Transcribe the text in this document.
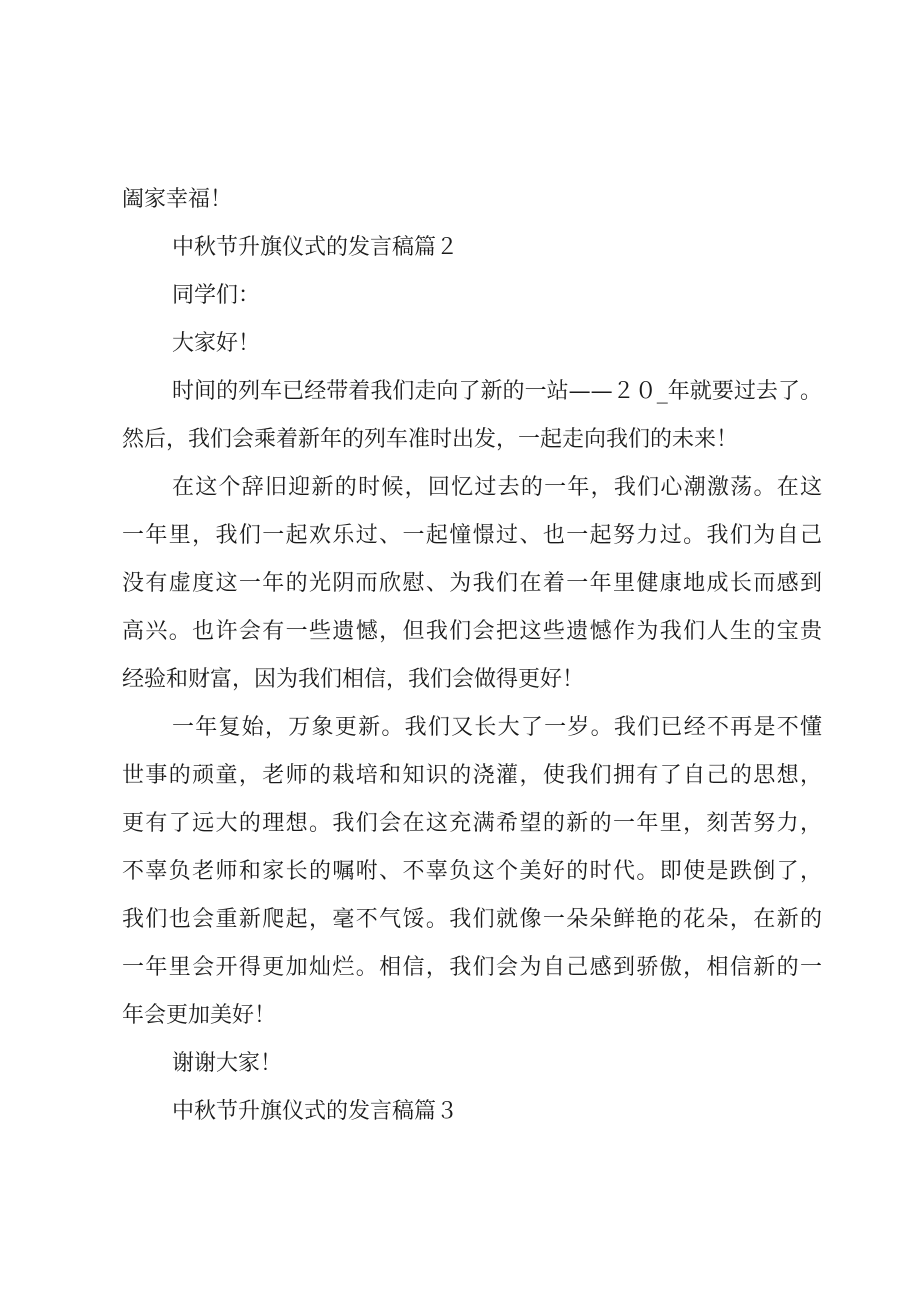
阖家幸福！
中秋节升旗仪式的发言稿篇２
同学们：
大家好！
时间的列车已经带着我们走向了新的一站——２０_年就要过去了。
然后，我们会乘着新年的列车准时出发，一起走向我们的未来！
在这个辞旧迎新的时候，回忆过去的一年，我们心潮激荡。在这
一年里，我们一起欢乐过、一起憧憬过、也一起努力过。我们为自己
没有虚度这一年的光阴而欣慰、为我们在着一年里健康地成长而感到
高兴。也许会有一些遗憾，但我们会把这些遗憾作为我们人生的宝贵
经验和财富，因为我们相信，我们会做得更好！
一年复始，万象更新。我们又长大了一岁。我们已经不再是不懂
世事的顽童，老师的栽培和知识的浇灌，使我们拥有了自己的思想，
更有了远大的理想。我们会在这充满希望的新的一年里，刻苦努力，
不辜负老师和家长的嘱咐、不辜负这个美好的时代。即使是跌倒了，
我们也会重新爬起，毫不气馁。我们就像一朵朵鲜艳的花朵，在新的
一年里会开得更加灿烂。相信，我们会为自己感到骄傲，相信新的一
年会更加美好！
谢谢大家！
中秋节升旗仪式的发言稿篇３
